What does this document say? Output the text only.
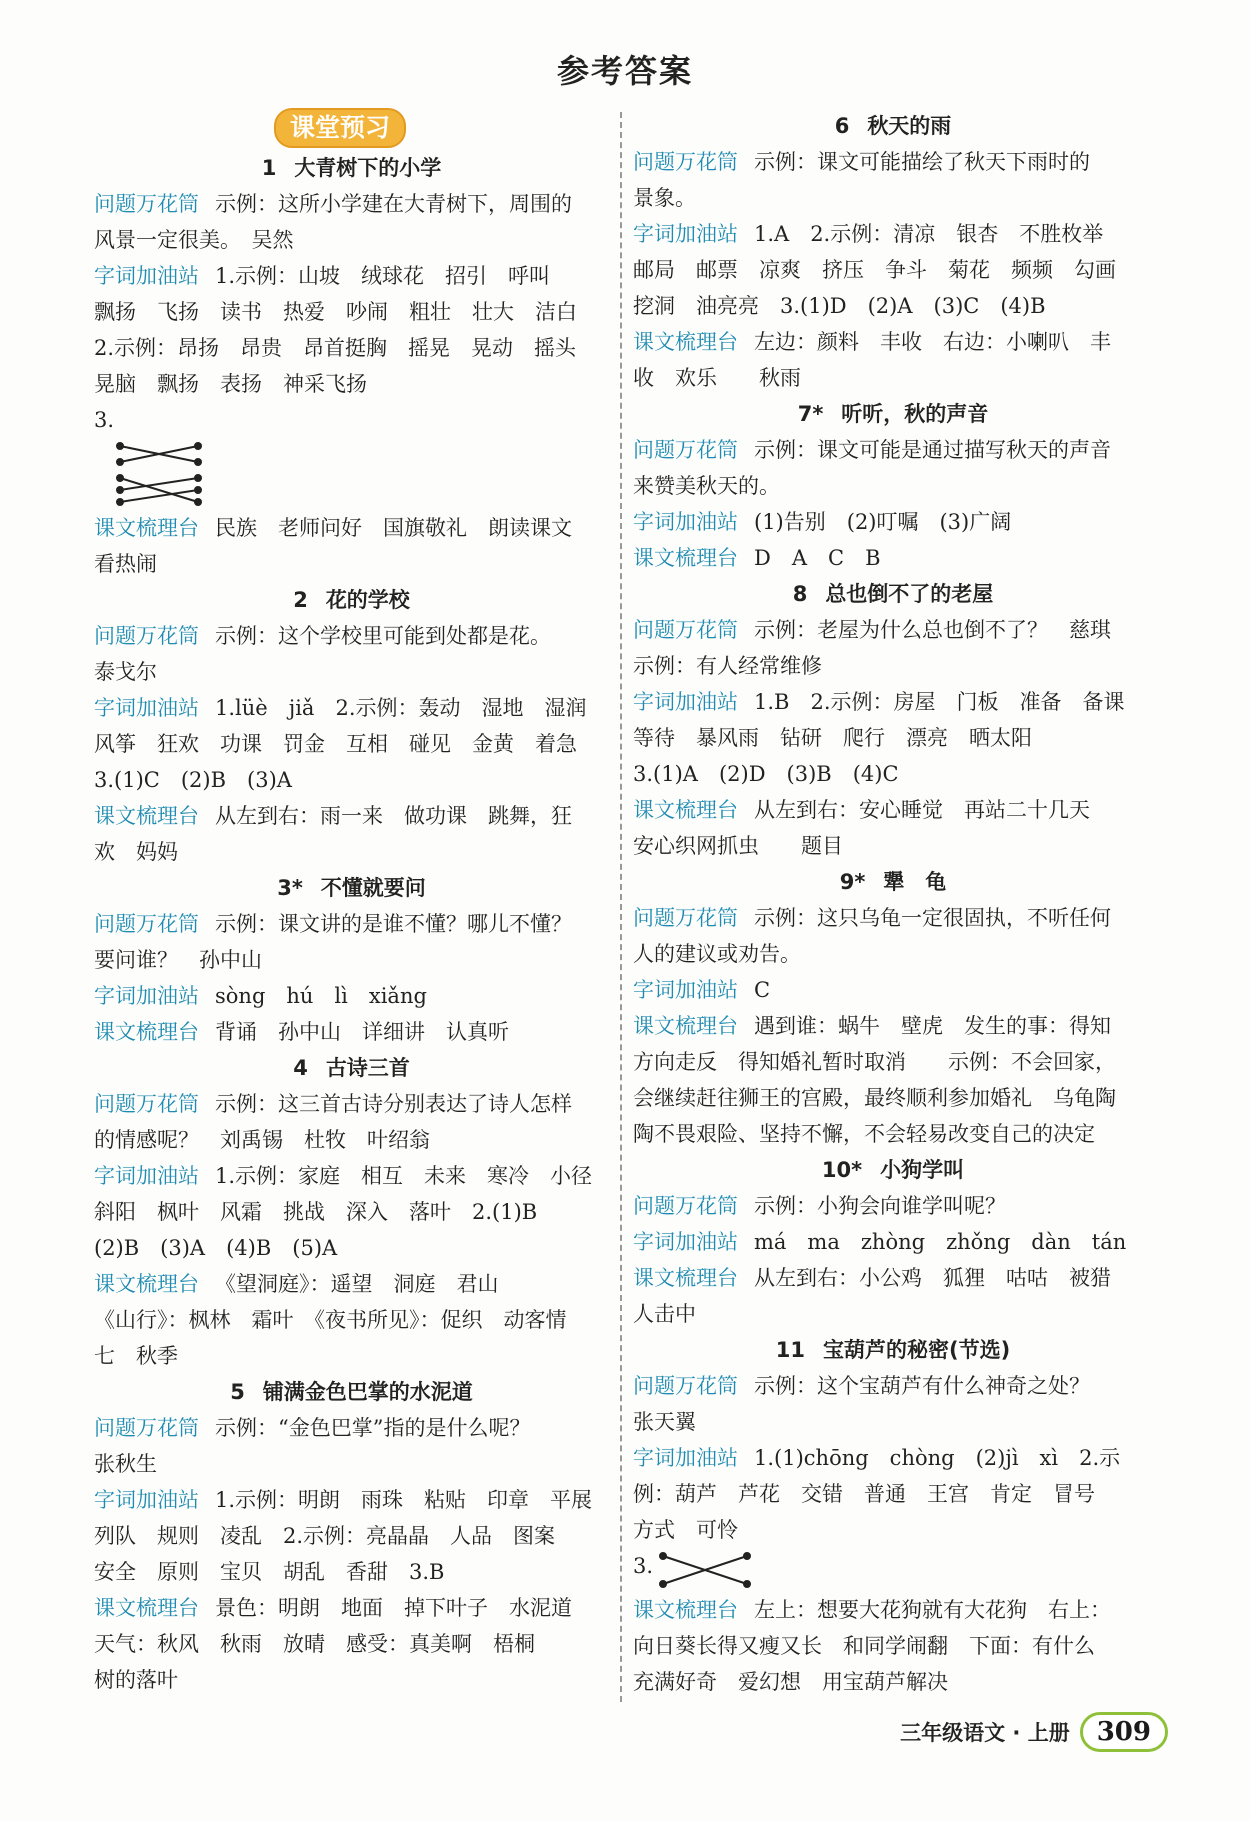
参考答案
课堂预习
1 大青树下的小学
问题万花筒 示例：这所小学建在大青树下，周围的
风景一定很美。　吴然
字词加油站 1.示例：山坡　绒球花　招引　呼叫
飘扬　飞扬　读书　热爱　吵闹　粗壮　壮大　洁白
2.示例：昂扬　昂贵　昂首挺胸　摇晃　晃动　摇头
晃脑　飘扬　表扬　神采飞扬
3.
课文梳理台 民族　老师问好　国旗敬礼　朗读课文
看热闹
2 花的学校
问题万花筒 示例：这个学校里可能到处都是花。
泰戈尔
字词加油站 1.lüè　jiǎ　2.示例：轰动　湿地　湿润
风筝　狂欢　功课　罚金　互相　碰见　金黄　着急
3.(1)C　(2)B　(3)A
课文梳理台 从左到右：雨一来　做功课　跳舞，狂
欢　妈妈
3* 不懂就要问
问题万花筒 示例：课文讲的是谁不懂？哪儿不懂？
要问谁？　孙中山
字词加油站 sòng　hú　lì　xiǎng
课文梳理台 背诵　孙中山　详细讲　认真听
4 古诗三首
问题万花筒 示例：这三首古诗分别表达了诗人怎样
的情感呢？　刘禹锡　杜牧　叶绍翁
字词加油站 1.示例：家庭　相互　未来　寒冷　小径
斜阳　枫叶　风霜　挑战　深入　落叶　2.(1)B
(2)B　(3)A　(4)B　(5)A
课文梳理台 《望洞庭》：遥望　洞庭　君山
《山行》：枫林　霜叶　《夜书所见》：促织　动客情
七　秋季
5 铺满金色巴掌的水泥道
问题万花筒 示例：“金色巴掌”指的是什么呢？
张秋生
字词加油站 1.示例：明朗　雨珠　粘贴　印章　平展
列队　规则　凌乱　2.示例：亮晶晶　人品　图案
安全　原则　宝贝　胡乱　香甜　3.B
课文梳理台 景色：明朗　地面　掉下叶子　水泥道
天气：秋风　秋雨　放晴　感受：真美啊　梧桐
树的落叶
6 秋天的雨
问题万花筒 示例：课文可能描绘了秋天下雨时的
景象。
字词加油站 1.A　2.示例：清凉　银杏　不胜枚举
邮局　邮票　凉爽　挤压　争斗　菊花　频频　勾画
挖洞　油亮亮　3.(1)D　(2)A　(3)C　(4)B
课文梳理台 左边：颜料　丰收　右边：小喇叭　丰
收　欢乐　　秋雨
7* 听听，秋的声音
问题万花筒 示例：课文可能是通过描写秋天的声音
来赞美秋天的。
字词加油站 (1)告别　(2)叮嘱　(3)广阔
课文梳理台 D　A　C　B
8 总也倒不了的老屋
问题万花筒 示例：老屋为什么总也倒不了？　慈琪
示例：有人经常维修
字词加油站 1.B　2.示例：房屋　门板　准备　备课
等待　暴风雨　钻研　爬行　漂亮　晒太阳
3.(1)A　(2)D　(3)B　(4)C
课文梳理台 从左到右：安心睡觉　再站二十几天
安心织网抓虫　　题目
9* 犟　龟
问题万花筒 示例：这只乌龟一定很固执，不听任何
人的建议或劝告。
字词加油站 C
课文梳理台 遇到谁：蜗牛　壁虎　发生的事：得知
方向走反　得知婚礼暂时取消　　示例：不会回家，
会继续赶往狮王的宫殿，最终顺利参加婚礼　乌龟陶
陶不畏艰险、坚持不懈，不会轻易改变自己的决定
10* 小狗学叫
问题万花筒 示例：小狗会向谁学叫呢？
字词加油站 má　ma　zhòng　zhǒng　dàn　tán
课文梳理台 从左到右：小公鸡　狐狸　咕咕　被猎
人击中
11 宝葫芦的秘密(节选)
问题万花筒 示例：这个宝葫芦有什么神奇之处？
张天翼
字词加油站 1.(1)chōng　chòng　(2)jì　xì　2.示
例：葫芦　芦花　交错　普通　王宫　肯定　冒号
方式　可怜
3.
课文梳理台 左上：想要大花狗就有大花狗　右上：
向日葵长得又瘦又长　和同学闹翻　下面：有什么
充满好奇　爱幻想　用宝葫芦解决
三年级语文 · 上册	309
